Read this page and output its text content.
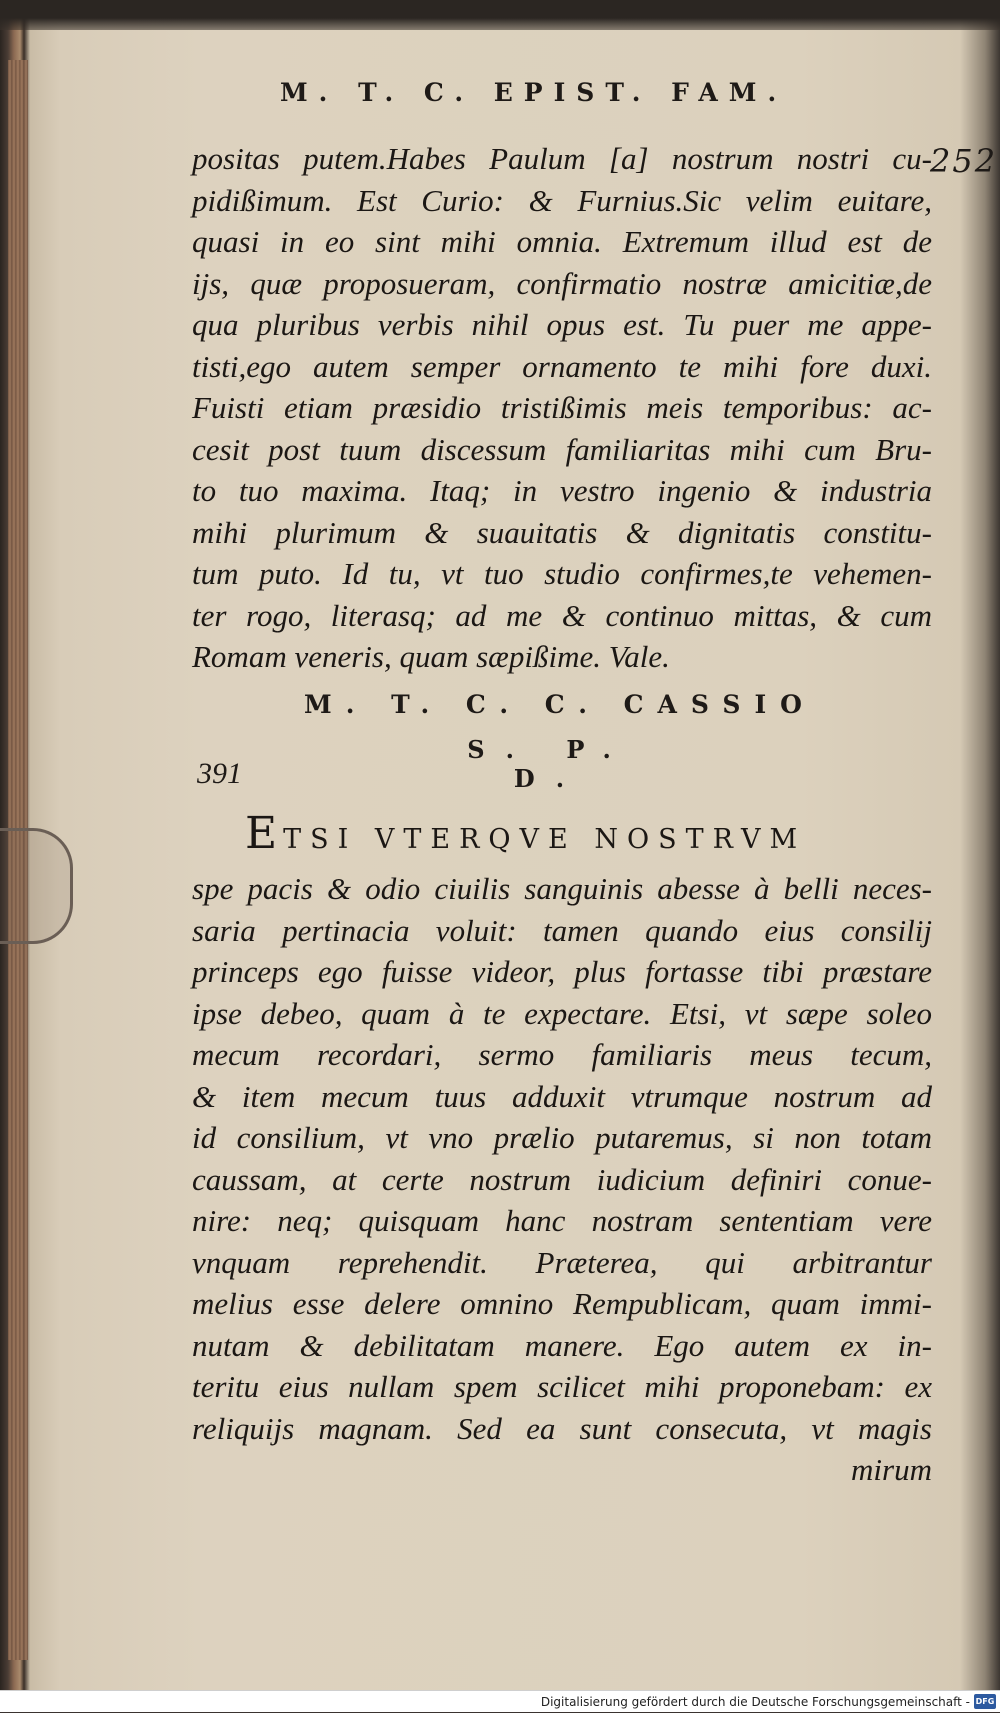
M. T. C. EPIST. FAM.
252
positas putem.Habes Paulum [a] nostrum nostri cu-
pidißimum. Est Curio: & Furnius.Sic velim euitare,
quasi in eo sint mihi omnia. Extremum illud est de
ijs, quæ proposueram, confirmatio nostræ amicitiæ,de
qua pluribus verbis nihil opus est. Tu puer me appe-
tisti,ego autem semper ornamento te mihi fore duxi.
Fuisti etiam præsidio tristißimis meis temporibus: ac-
cesit post tuum discessum familiaritas mihi cum Bru-
to tuo maxima. Itaq; in vestro ingenio & industria
mihi plurimum & suauitatis & dignitatis constitu-
tum puto. Id tu, vt tuo studio confirmes,te vehemen-
ter rogo, literasq; ad me & continuo mittas, & cum
Romam veneris, quam sæpißime. Vale.
M. T. C. C. CASSIO
S. P. D.
391
ETSI VTERQVE NOSTRVM
spe pacis & odio ciuilis sanguinis abesse à belli neces-
saria pertinacia voluit: tamen quando eius consilij
princeps ego fuisse videor, plus fortasse tibi præstare
ipse debeo, quam à te expectare. Etsi, vt sæpe soleo
mecum recordari, sermo familiaris meus tecum,
& item mecum tuus adduxit vtrumque nostrum ad
id consilium, vt vno prælio putaremus, si non totam
caussam, at certe nostrum iudicium definiri conue-
nire: neq; quisquam hanc nostram sententiam vere
vnquam reprehendit. Præterea, qui arbitrantur
melius esse delere omnino Rempublicam, quam immi-
nutam & debilitatam manere. Ego autem ex in-
teritu eius nullam spem scilicet mihi proponebam: ex
reliquijs magnam. Sed ea sunt consecuta, vt magis
mirum
Digitalisierung gefördert durch die Deutsche Forschungsgemeinschaft - DFG
